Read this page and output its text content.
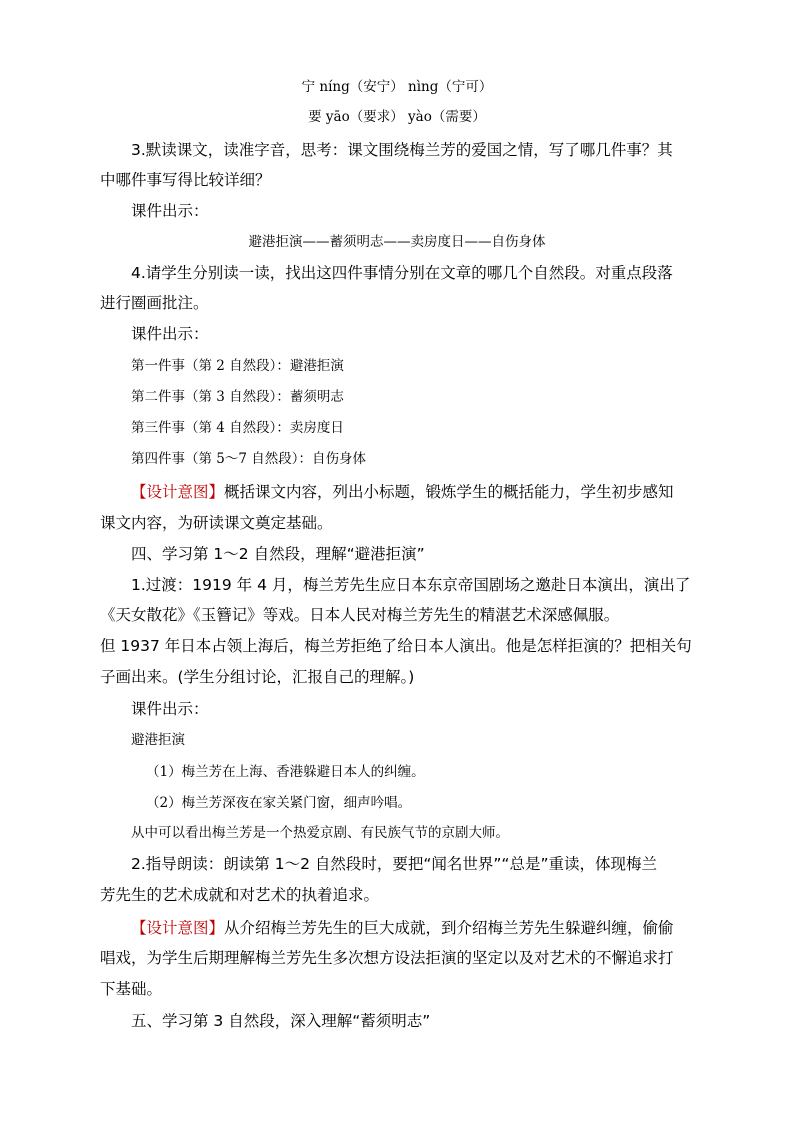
宁 níng（安宁） nìng（宁可）
要 yāo（要求） yào（需要）
3.默读课文，读准字音，思考：课文围绕梅兰芳的爱国之情，写了哪几件事？其
中哪件事写得比较详细？
课件出示：
避港拒演——蓄须明志——卖房度日——自伤身体
4.请学生分别读一读，找出这四件事情分别在文章的哪几个自然段。对重点段落
进行圈画批注。
课件出示：
第一件事（第 2 自然段）：避港拒演
第二件事（第 3 自然段）：蓄须明志
第三件事（第 4 自然段）：卖房度日
第四件事（第 5～7 自然段）：自伤身体
【设计意图】概括课文内容，列出小标题，锻炼学生的概括能力，学生初步感知
课文内容，为研读课文奠定基础。
四、学习第 1～2 自然段，理解“避港拒演”
1.过渡：1919 年 4 月，梅兰芳先生应日本东京帝国剧场之邀赴日本演出，演出了
《天女散花》《玉簪记》等戏。日本人民对梅兰芳先生的精湛艺术深感佩服。
但 1937 年日本占领上海后，梅兰芳拒绝了给日本人演出。他是怎样拒演的？把相关句
子画出来。(学生分组讨论，汇报自己的理解。)
课件出示：
避港拒演
（1）梅兰芳在上海、香港躲避日本人的纠缠。
（2）梅兰芳深夜在家关紧门窗，细声吟唱。
从中可以看出梅兰芳是一个热爱京剧、有民族气节的京剧大师。
2.指导朗读：朗读第 1～2 自然段时，要把“闻名世界”“总是”重读，体现梅兰
芳先生的艺术成就和对艺术的执着追求。
【设计意图】从介绍梅兰芳先生的巨大成就，到介绍梅兰芳先生躲避纠缠，偷偷
唱戏，为学生后期理解梅兰芳先生多次想方设法拒演的坚定以及对艺术的不懈追求打
下基础。
五、学习第 3 自然段，深入理解“蓄须明志”
